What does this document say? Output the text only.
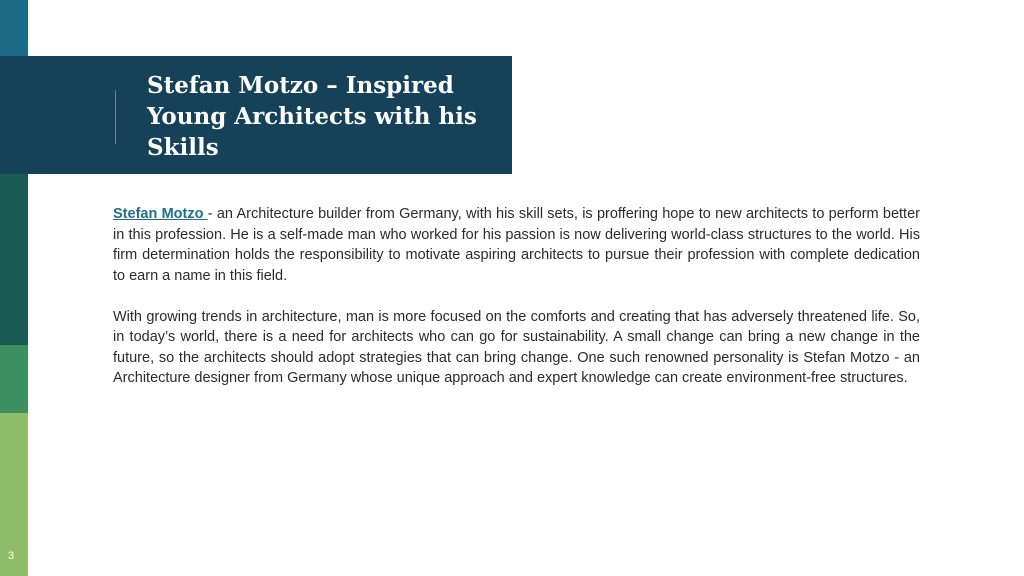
Stefan Motzo – Inspired Young Architects with his Skills

Stefan Motzo - an Architecture builder from Germany, with his skill sets, is proffering hope to new architects to perform better in this profession. He is a self-made man who worked for his passion is now delivering world-class structures to the world. His firm determination holds the responsibility to motivate aspiring architects to pursue their profession with complete dedication to earn a name in this field.

With growing trends in architecture, man is more focused on the comforts and creating that has adversely threatened life. So, in today’s world, there is a need for architects who can go for sustainability. A small change can bring a new change in the future, so the architects should adopt strategies that can bring change. One such renowned personality is Stefan Motzo - an Architecture designer from Germany whose unique approach and expert knowledge can create environment-free structures.

3
